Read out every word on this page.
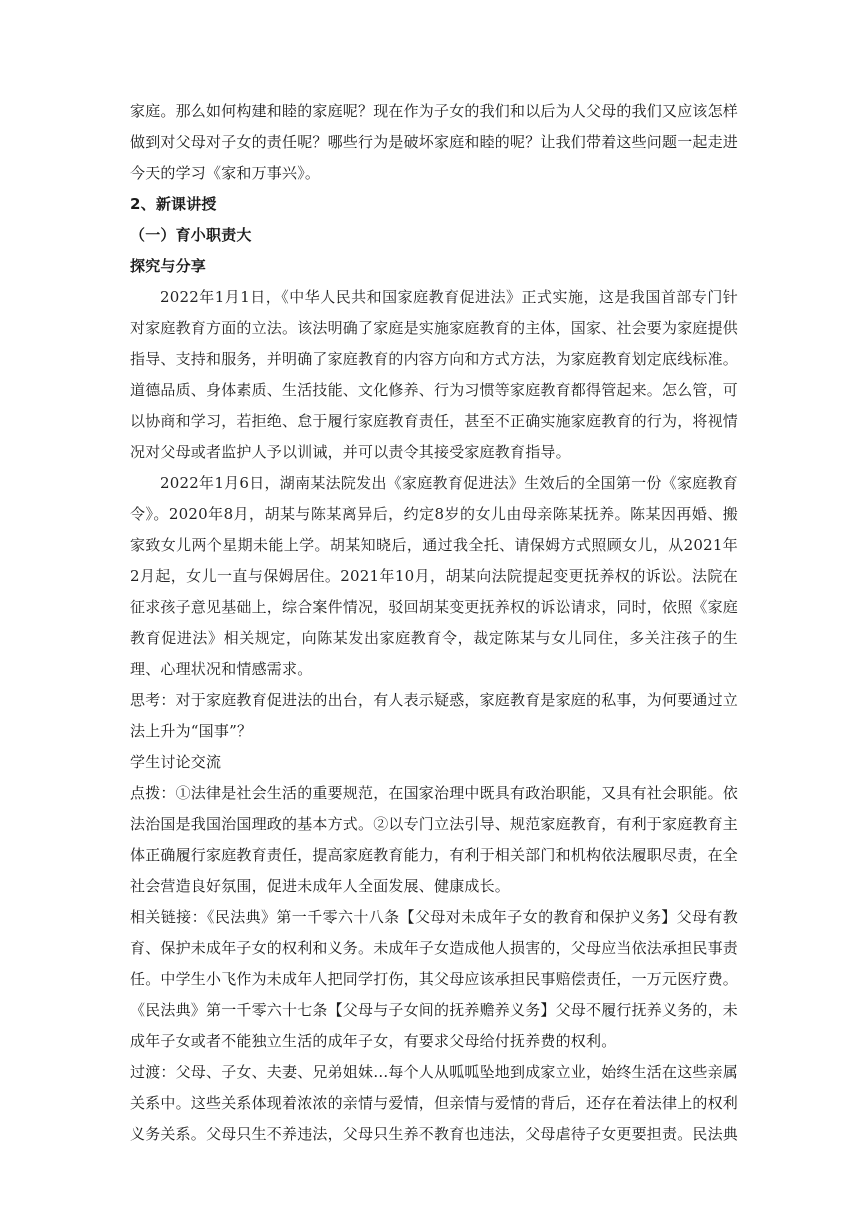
家庭。那么如何构建和睦的家庭呢？现在作为子女的我们和以后为人父母的我们又应该怎样做到对父母对子女的责任呢？哪些行为是破坏家庭和睦的呢？让我们带着这些问题一起走进今天的学习《家和万事兴》。

2、新课讲授

（一）育小职责大

探究与分享

2022年1月1日，《中华人民共和国家庭教育促进法》正式实施，这是我国首部专门针对家庭教育方面的立法。该法明确了家庭是实施家庭教育的主体，国家、社会要为家庭提供指导、支持和服务，并明确了家庭教育的内容方向和方式方法，为家庭教育划定底线标准。道德品质、身体素质、生活技能、文化修养、行为习惯等家庭教育都得管起来。怎么管，可以协商和学习，若拒绝、怠于履行家庭教育责任，甚至不正确实施家庭教育的行为，将视情况对父母或者监护人予以训诫，并可以责令其接受家庭教育指导。

2022年1月6日，湖南某法院发出《家庭教育促进法》生效后的全国第一份《家庭教育令》。2020年8月，胡某与陈某离异后，约定8岁的女儿由母亲陈某抚养。陈某因再婚、搬家致女儿两个星期未能上学。胡某知晓后，通过我全托、请保姆方式照顾女儿，从2021年2月起，女儿一直与保姆居住。2021年10月，胡某向法院提起变更抚养权的诉讼。法院在征求孩子意见基础上，综合案件情况，驳回胡某变更抚养权的诉讼请求，同时，依照《家庭教育促进法》相关规定，向陈某发出家庭教育令，裁定陈某与女儿同住，多关注孩子的生理、心理状况和情感需求。

思考：对于家庭教育促进法的出台，有人表示疑惑，家庭教育是家庭的私事，为何要通过立法上升为“国事”？

学生讨论交流

点拨：①法律是社会生活的重要规范，在国家治理中既具有政治职能，又具有社会职能。依法治国是我国治国理政的基本方式。②以专门立法引导、规范家庭教育，有利于家庭教育主体正确履行家庭教育责任，提高家庭教育能力，有利于相关部门和机构依法履职尽责，在全社会营造良好氛围，促进未成年人全面发展、健康成长。

相关链接：《民法典》第一千零六十八条【父母对未成年子女的教育和保护义务】父母有教育、保护未成年子女的权利和义务。未成年子女造成他人损害的，父母应当依法承担民事责任。中学生小飞作为未成年人把同学打伤，其父母应该承担民事赔偿责任，一万元医疗费。《民法典》第一千零六十七条【父母与子女间的抚养赡养义务】父母不履行抚养义务的，未成年子女或者不能独立生活的成年子女，有要求父母给付抚养费的权利。

过渡：父母、子女、夫妻、兄弟姐妹…每个人从呱呱坠地到成家立业，始终生活在这些亲属关系中。这些关系体现着浓浓的亲情与爱情，但亲情与爱情的背后，还存在着法律上的权利义务关系。父母只生不养违法，父母只生养不教育也违法，父母虐待子女更要担责。民法典
